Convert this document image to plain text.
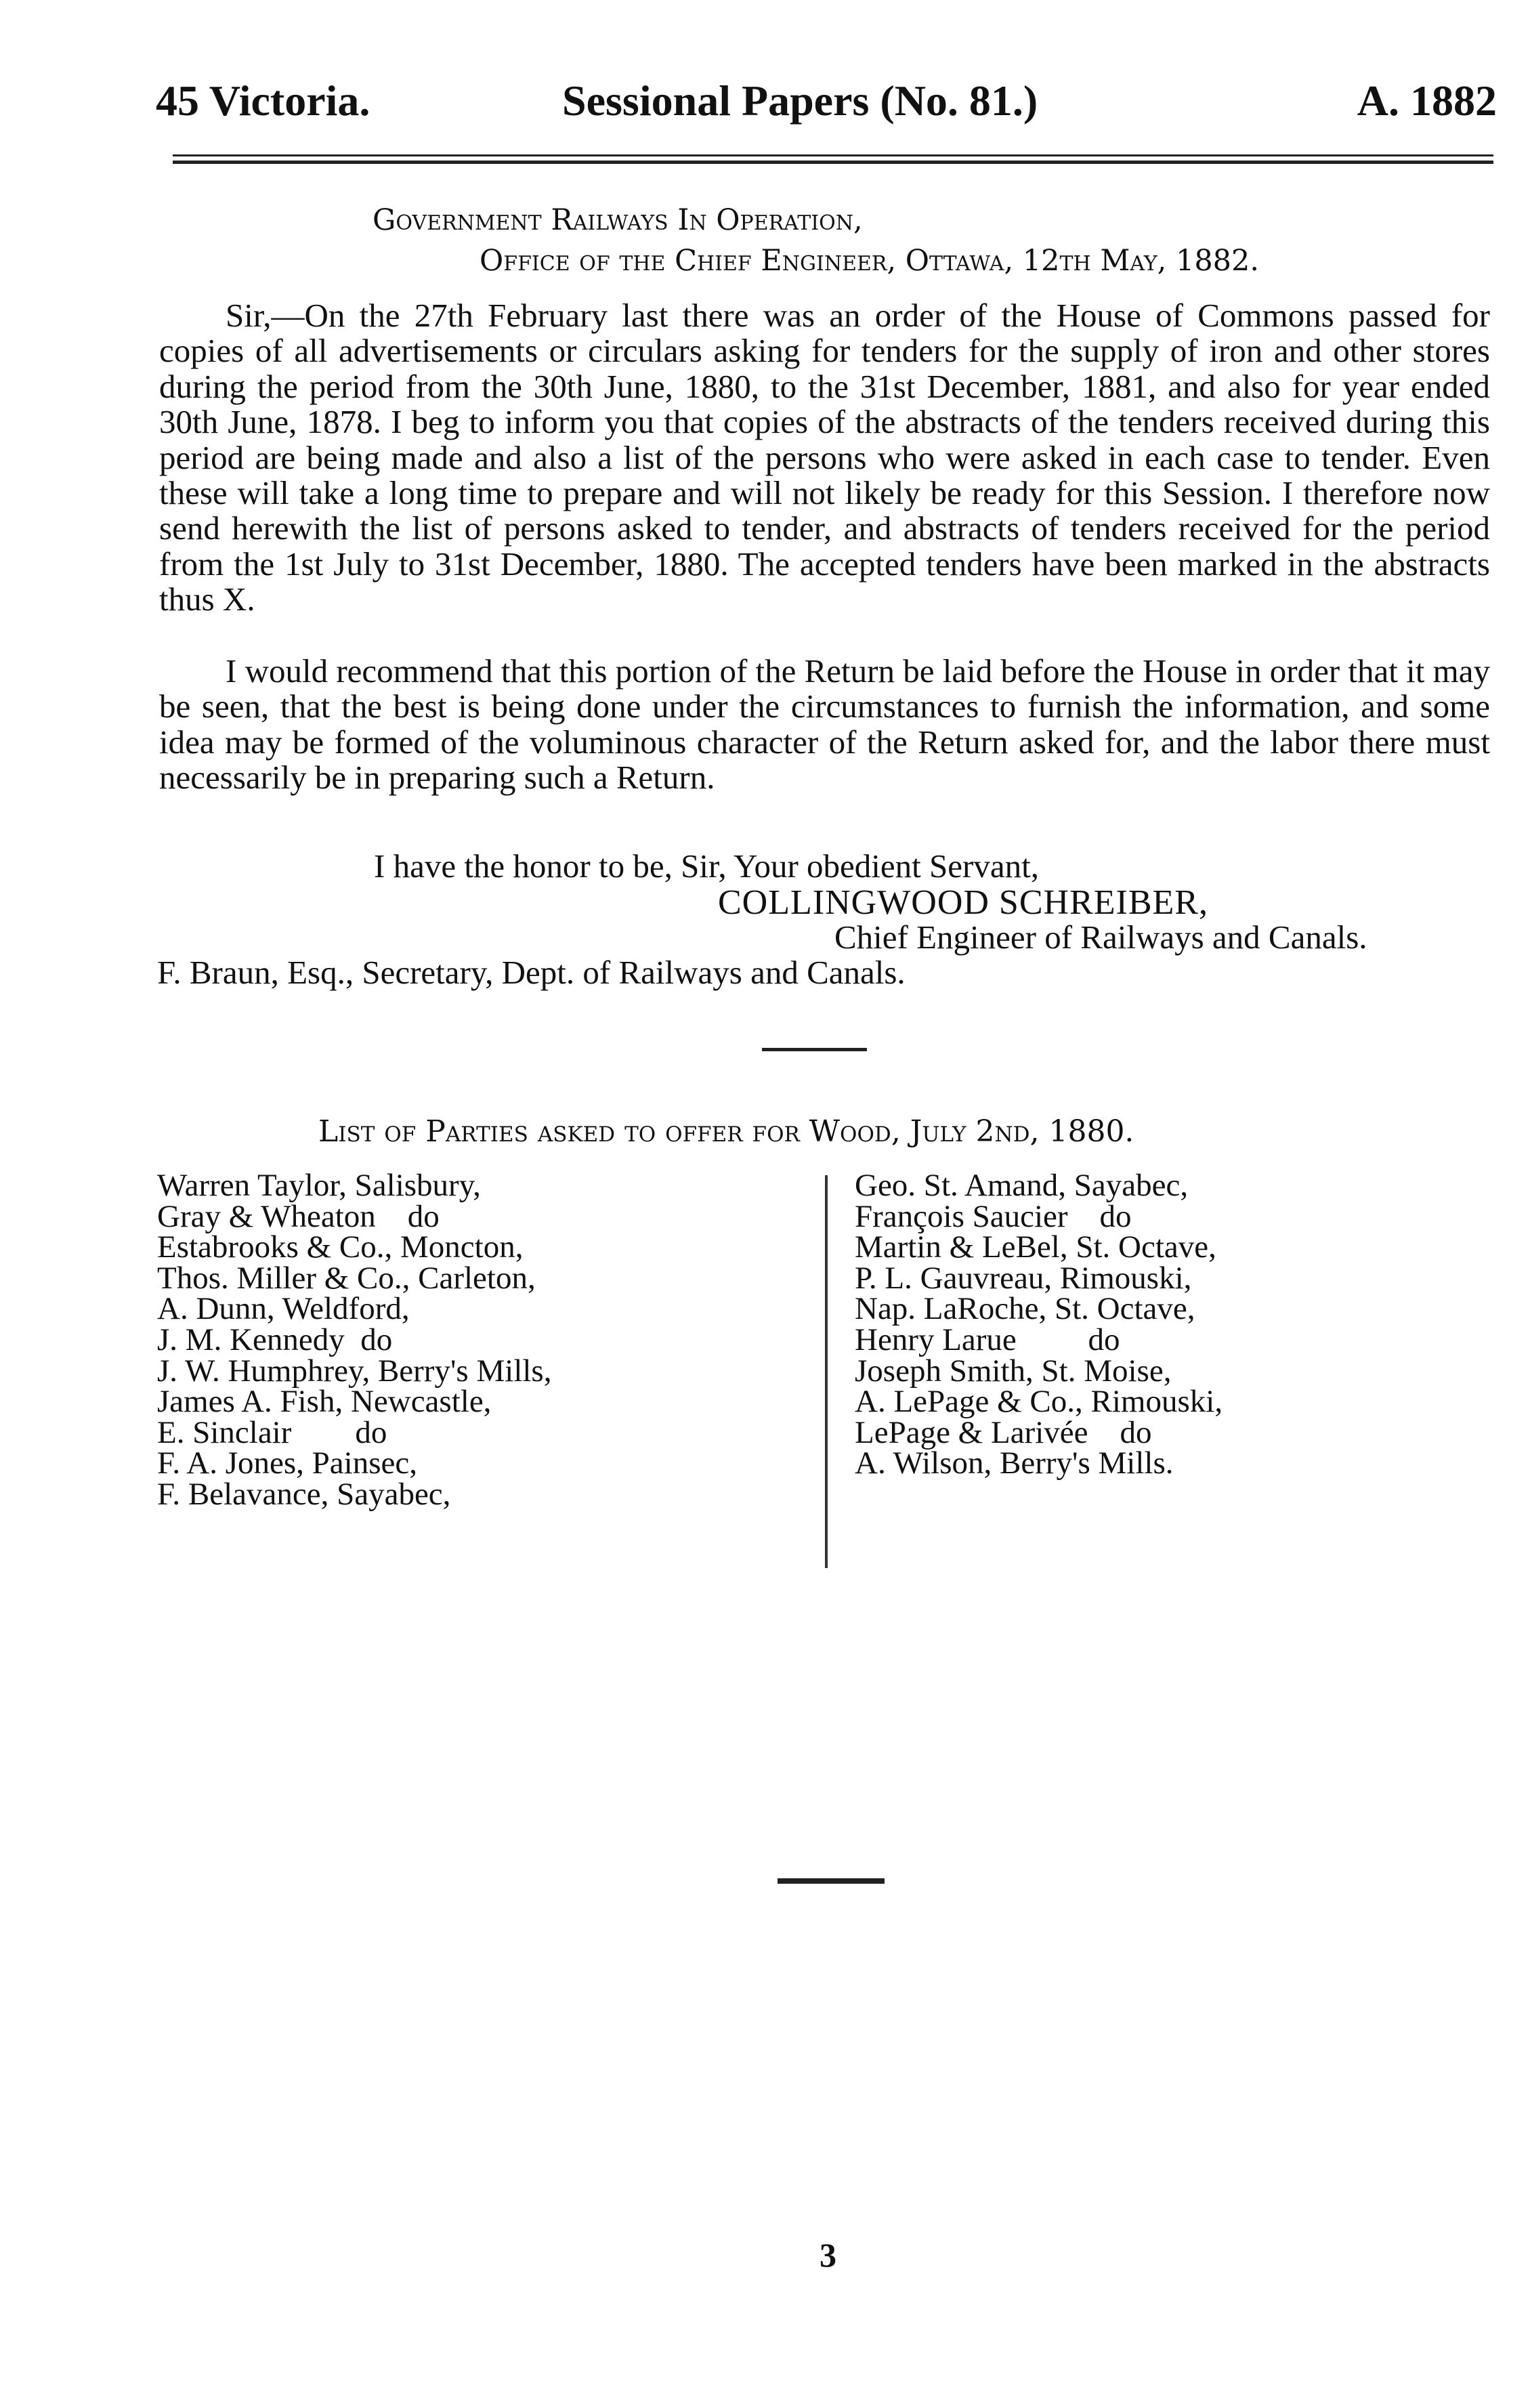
45 Victoria.	Sessional Papers (No. 81.)	A. 1882
Government Railways In Operation,
Office of the Chief Engineer, Ottawa, 12th May, 1882.

Sir,—On the 27th February last there was an order of the House of Commons passed for copies of all advertisements or circulars asking for tenders for the supply of iron and other stores during the period from the 30th June, 1880, to the 31st December, 1881, and also for year ended 30th June, 1878. I beg to inform you that copies of the abstracts of the tenders received during this period are being made and also a list of the persons who were asked in each case to tender. Even these will take a long time to prepare and will not likely be ready for this Session. I therefore now send herewith the list of persons asked to tender, and abstracts of tenders received for the period from the 1st July to 31st December, 1880. The accepted tenders have been marked in the abstracts thus X.

I would recommend that this portion of the Return be laid before the House in order that it may be seen, that the best is being done under the circumstances to furnish the information, and some idea may be formed of the voluminous character of the Return asked for, and the labor there must necessarily be in preparing such a Return.

I have the honor to be, Sir, Your obedient Servant,
COLLINGWOOD SCHREIBER,
Chief Engineer of Railways and Canals.
F. Braun, Esq., Secretary, Dept. of Railways and Canals.
List of Parties asked to offer for Wood, July 2nd, 1880.
Warren Taylor, Salisbury,
Gray & Wheaton    do
Estabrooks & Co., Moncton,
Thos. Miller & Co., Carleton,
A. Dunn, Weldford,
J. M. Kennedy  do
J. W. Humphrey, Berry's Mills,
James A. Fish, Newcastle,
E. Sinclair        do
F. A. Jones, Painsec,
F. Belavance, Sayabec,
Geo. St. Amand, Sayabec,
François Saucier    do
Martin & LeBel, St. Octave,
P. L. Gauvreau, Rimouski,
Nap. LaRoche, St. Octave,
Henry Larue         do
Joseph Smith, St. Moise,
A. LePage & Co., Rimouski,
LePage & Larivée    do
A. Wilson, Berry's Mills.
3
